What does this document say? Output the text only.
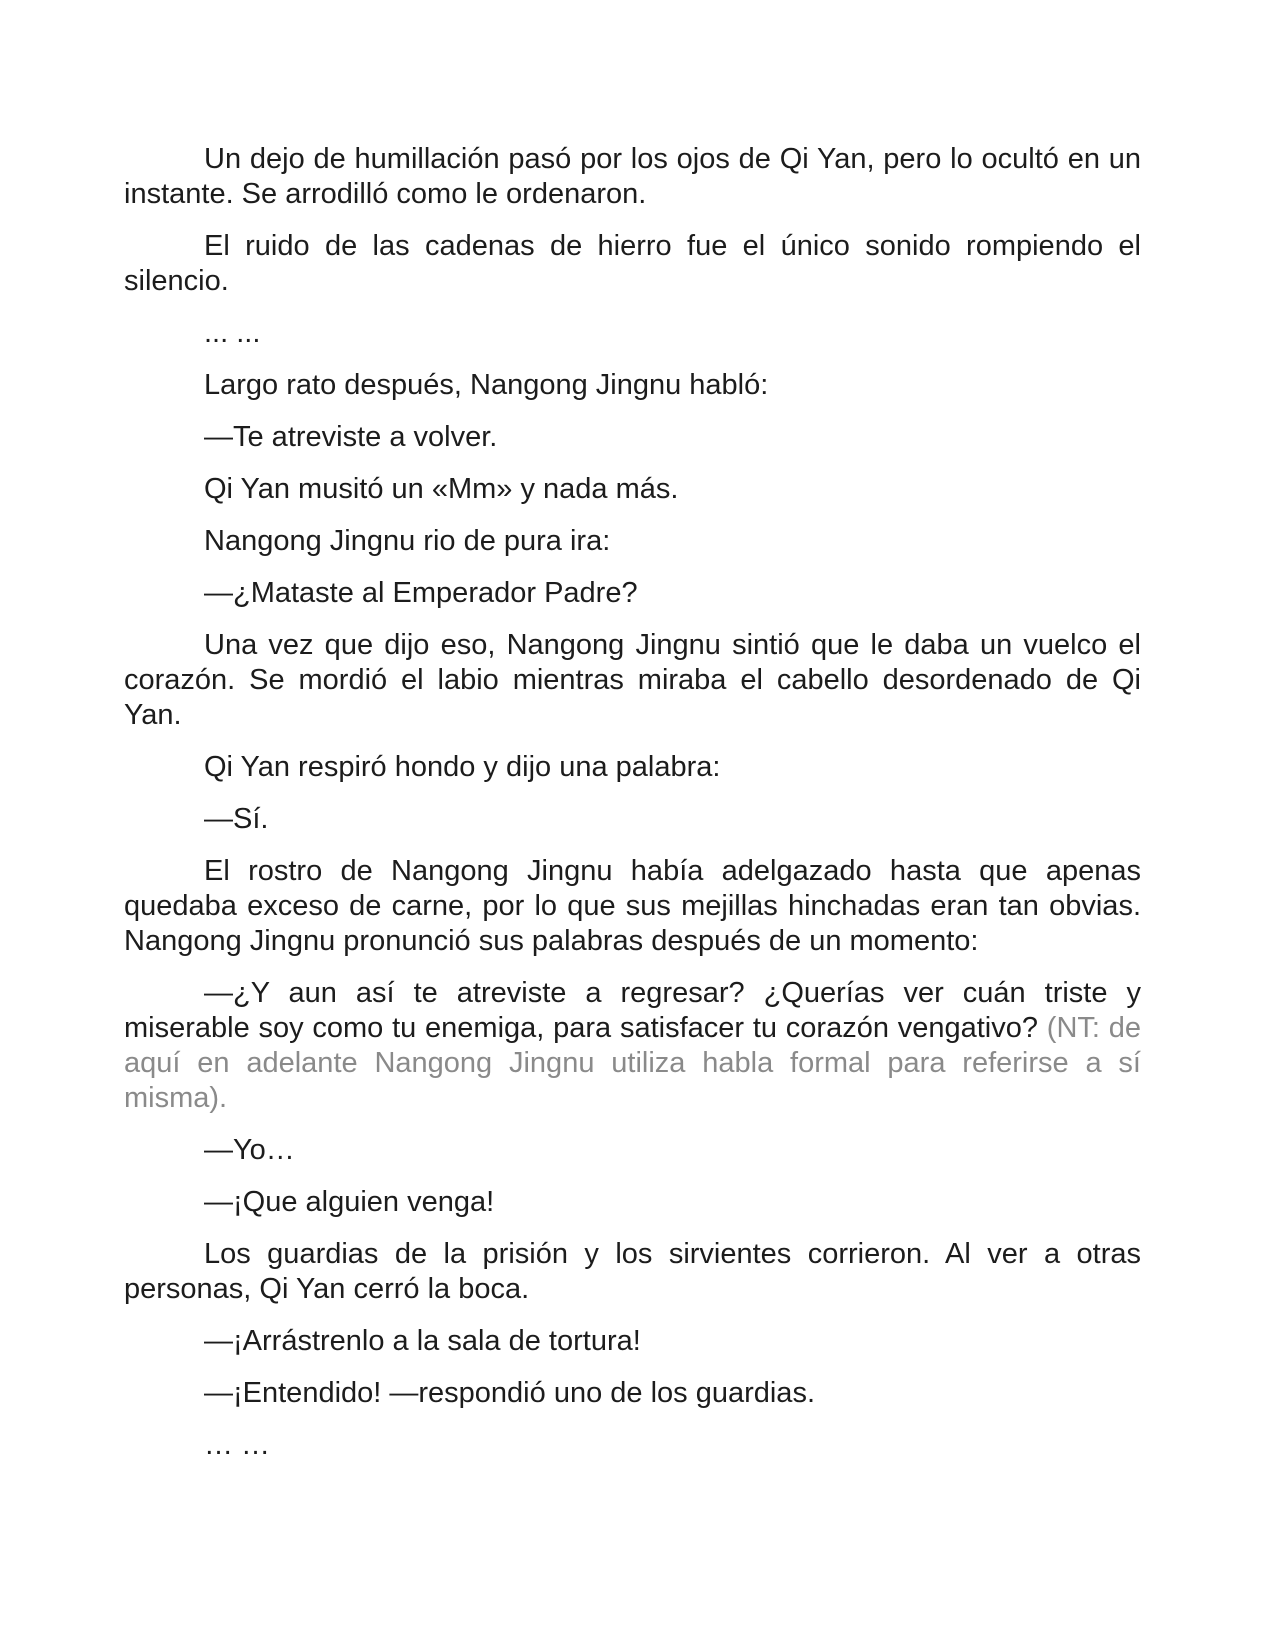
Un dejo de humillación pasó por los ojos de Qi Yan, pero lo ocultó en un instante. Se arrodilló como le ordenaron.

El ruido de las cadenas de hierro fue el único sonido rompiendo el silencio.

... ...

Largo rato después, Nangong Jingnu habló:

—Te atreviste a volver.

Qi Yan musitó un «Mm» y nada más.

Nangong Jingnu rio de pura ira:

—¿Mataste al Emperador Padre?

Una vez que dijo eso, Nangong Jingnu sintió que le daba un vuelco el corazón. Se mordió el labio mientras miraba el cabello desordenado de Qi Yan.

Qi Yan respiró hondo y dijo una palabra:

—Sí.

El rostro de Nangong Jingnu había adelgazado hasta que apenas quedaba exceso de carne, por lo que sus mejillas hinchadas eran tan obvias. Nangong Jingnu pronunció sus palabras después de un momento:

—¿Y aun así te atreviste a regresar? ¿Querías ver cuán triste y miserable soy como tu enemiga, para satisfacer tu corazón vengativo? (NT: de aquí en adelante Nangong Jingnu utiliza habla formal para referirse a sí misma).

—Yo…

—¡Que alguien venga!

Los guardias de la prisión y los sirvientes corrieron. Al ver a otras personas, Qi Yan cerró la boca.

—¡Arrástrenlo a la sala de tortura!

—¡Entendido! —respondió uno de los guardias.

… …
